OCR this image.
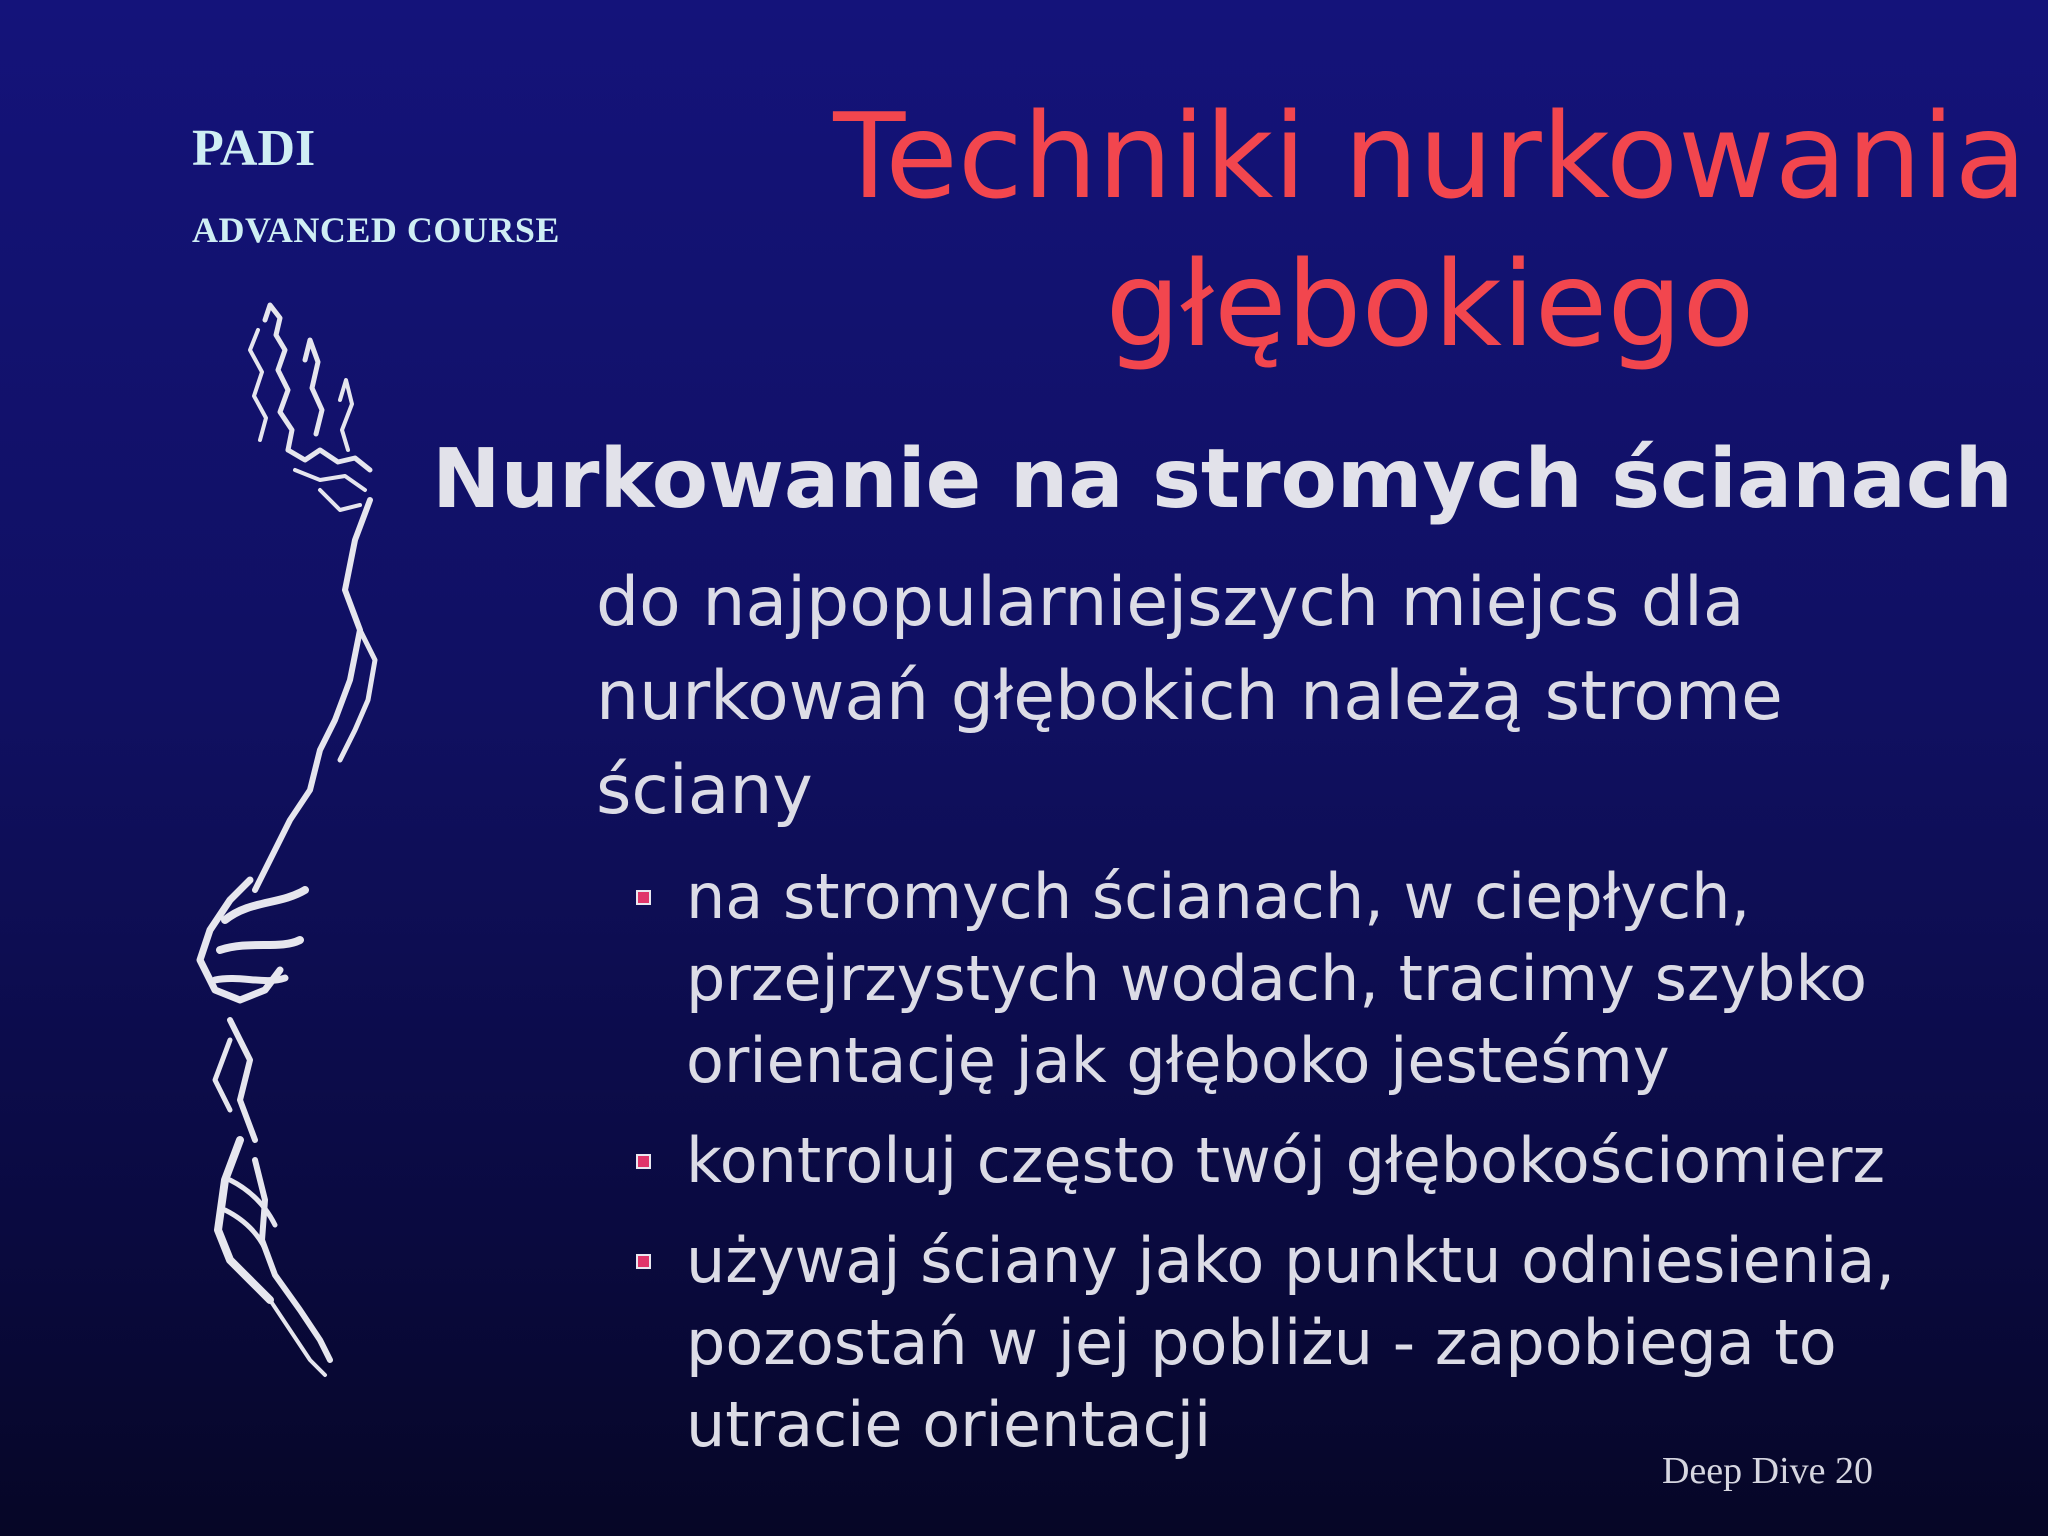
PADI
ADVANCED COURSE
Techniki nurkowania
głębokiego
Nurkowanie na stromych ścianach
do najpopularniejszych miejcs dla nurkowań głębokich należą strome ściany
na stromych ścianach, w ciepłych, przejrzystych wodach, tracimy szybko orientację jak głęboko jesteśmy
kontroluj często twój głębokościomierz
używaj ściany jako punktu odniesienia, pozostań w jej pobliżu - zapobiega to utracie orientacji
Deep Dive 20
